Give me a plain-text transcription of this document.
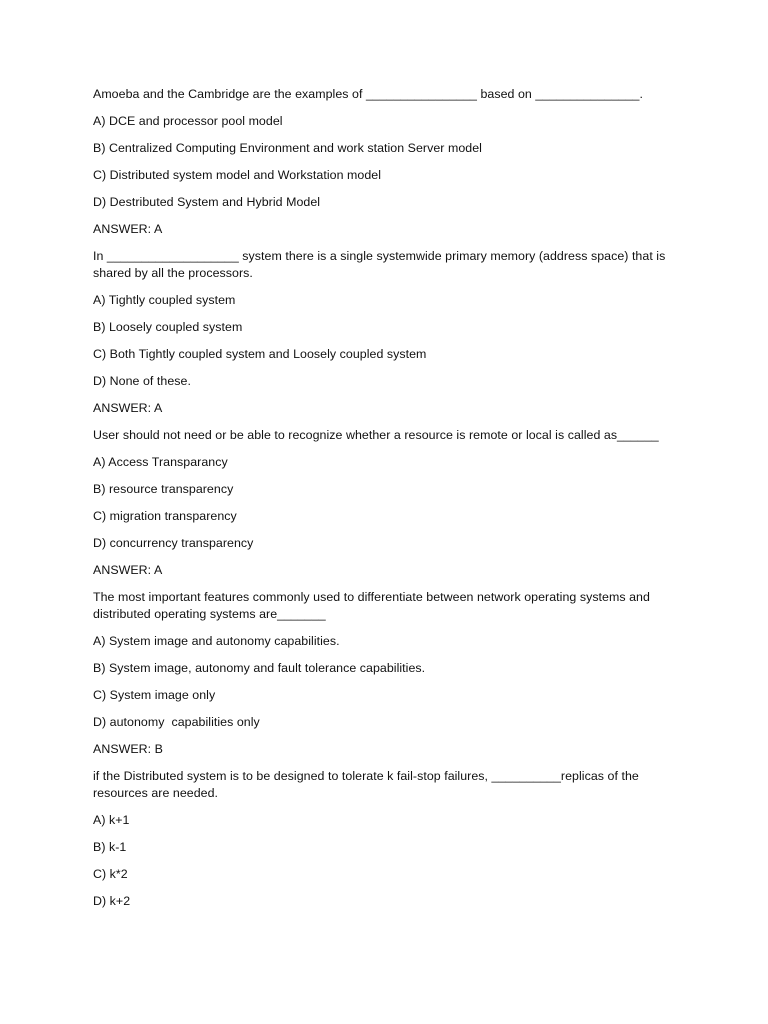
Amoeba and the Cambridge are the examples of ________________ based on _______________.
A) DCE and processor pool model
B) Centralized Computing Environment and work station Server model
C) Distributed system model and Workstation model
D) Destributed System and Hybrid Model
ANSWER: A
In ___________________ system there is a single systemwide primary memory (address space) that is shared by all the processors.
A) Tightly coupled system
B) Loosely coupled system
C) Both Tightly coupled system and Loosely coupled system
D) None of these.
ANSWER: A
User should not need or be able to recognize whether a resource is remote or local is called as______
A) Access Transparancy
B) resource transparency
C) migration transparency
D) concurrency transparency
ANSWER: A
The most important features commonly used to differentiate between network operating systems and distributed operating systems are_______
A) System image and autonomy capabilities.
B) System image, autonomy and fault tolerance capabilities.
C) System image only
D) autonomy  capabilities only
ANSWER: B
if the Distributed system is to be designed to tolerate k fail-stop failures, __________replicas of the resources are needed.
A) k+1
B) k-1
C) k*2
D) k+2
